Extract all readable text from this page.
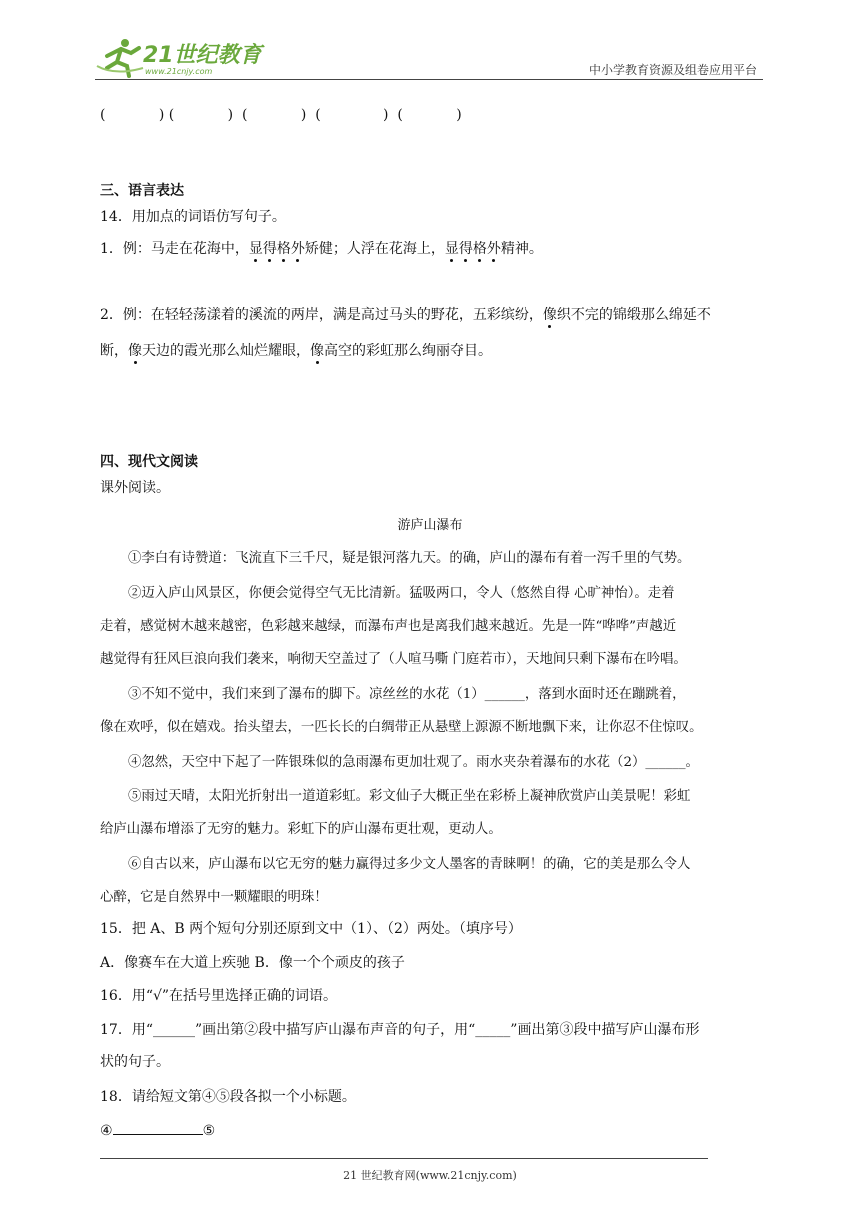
21世纪教育
www.21cnjy.com	中小学教育资源及组卷应用平台
(            ) (            )  (            )  (              )  (            )
三、语言表达
14．用加点的词语仿写句子。
1．例：马走在花海中，显得格外矫健；人浮在花海上，显得格外精神。
2．例：在轻轻荡漾着的溪流的两岸，满是高过马头的野花，五彩缤纷，像织不完的锦缎那么绵延不
断，像天边的霞光那么灿烂耀眼，像高空的彩虹那么绚丽夺目。
四、现代文阅读
课外阅读。
游庐山瀑布
①李白有诗赞道：飞流直下三千尺，疑是银河落九天。的确，庐山的瀑布有着一泻千里的气势。
②迈入庐山风景区，你便会觉得空气无比清新。猛吸两口，令人（悠然自得 心旷神怡）。走着
走着，感觉树木越来越密，色彩越来越绿，而瀑布声也是离我们越来越近。先是一阵“哗哗”声越近
越觉得有狂风巨浪向我们袭来，响彻天空盖过了（人喧马嘶 门庭若市），天地间只剩下瀑布在吟唱。
③不知不觉中，我们来到了瀑布的脚下。凉丝丝的水花（1）______，落到水面时还在蹦跳着，
像在欢呼，似在嬉戏。抬头望去，一匹长长的白绸带正从悬壁上源源不断地飘下来，让你忍不住惊叹。
④忽然，天空中下起了一阵银珠似的急雨瀑布更加壮观了。雨水夹杂着瀑布的水花（2）______。
⑤雨过天晴，太阳光折射出一道道彩虹。彩文仙子大概正坐在彩桥上凝神欣赏庐山美景呢！彩虹
给庐山瀑布增添了无穷的魅力。彩虹下的庐山瀑布更壮观，更动人。
⑥自古以来，庐山瀑布以它无穷的魅力赢得过多少文人墨客的青睐啊！的确，它的美是那么令人
心醉，它是自然界中一颗耀眼的明珠！
15．把 A、B 两个短句分别还原到文中（1）、（2）两处。（填序号）
A．像赛车在大道上疾驰 B．像一个个顽皮的孩子
16．用“√”在括号里选择正确的词语。
17．用“______”画出第②段中描写庐山瀑布声音的句子，用“_____”画出第③段中描写庐山瀑布形
状的句子。
18．请给短文第④⑤段各拟一个小标题。
④	⑤
21 世纪教育网(www.21cnjy.com)
